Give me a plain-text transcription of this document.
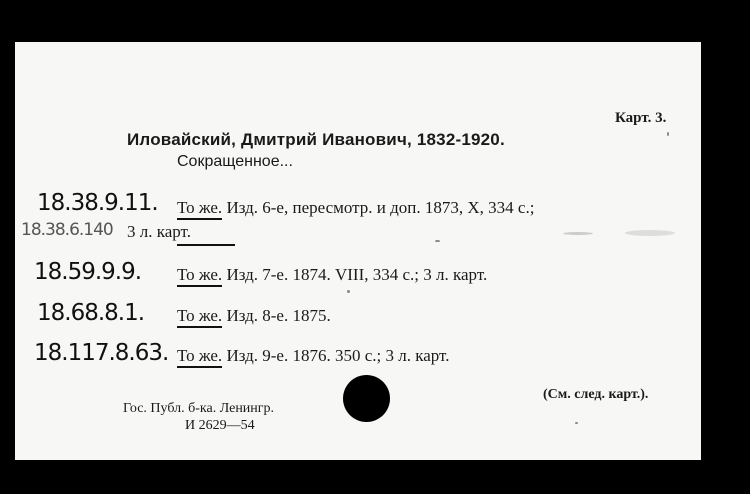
Карт. 3.
Иловайский, Дмитрий Иванович, 1832-1920.
Сокращенное...
18.38.9.11.
18.38.6.140
То же. Изд. 6-е, пересмотр. и доп. 1873, X, 334 с.;
3 л. карт.
18.59.9.9. То же. Изд. 7-е. 1874. VIII, 334 с.; 3 л. карт.
18.68.8.1. То же. Изд. 8-е. 1875.
18.117.8.63. То же. Изд. 9-е. 1876. 350 с.; 3 л. карт.
(См. след. карт.).
Гос. Публ. б-ка. Ленингр.
И 2629—54
